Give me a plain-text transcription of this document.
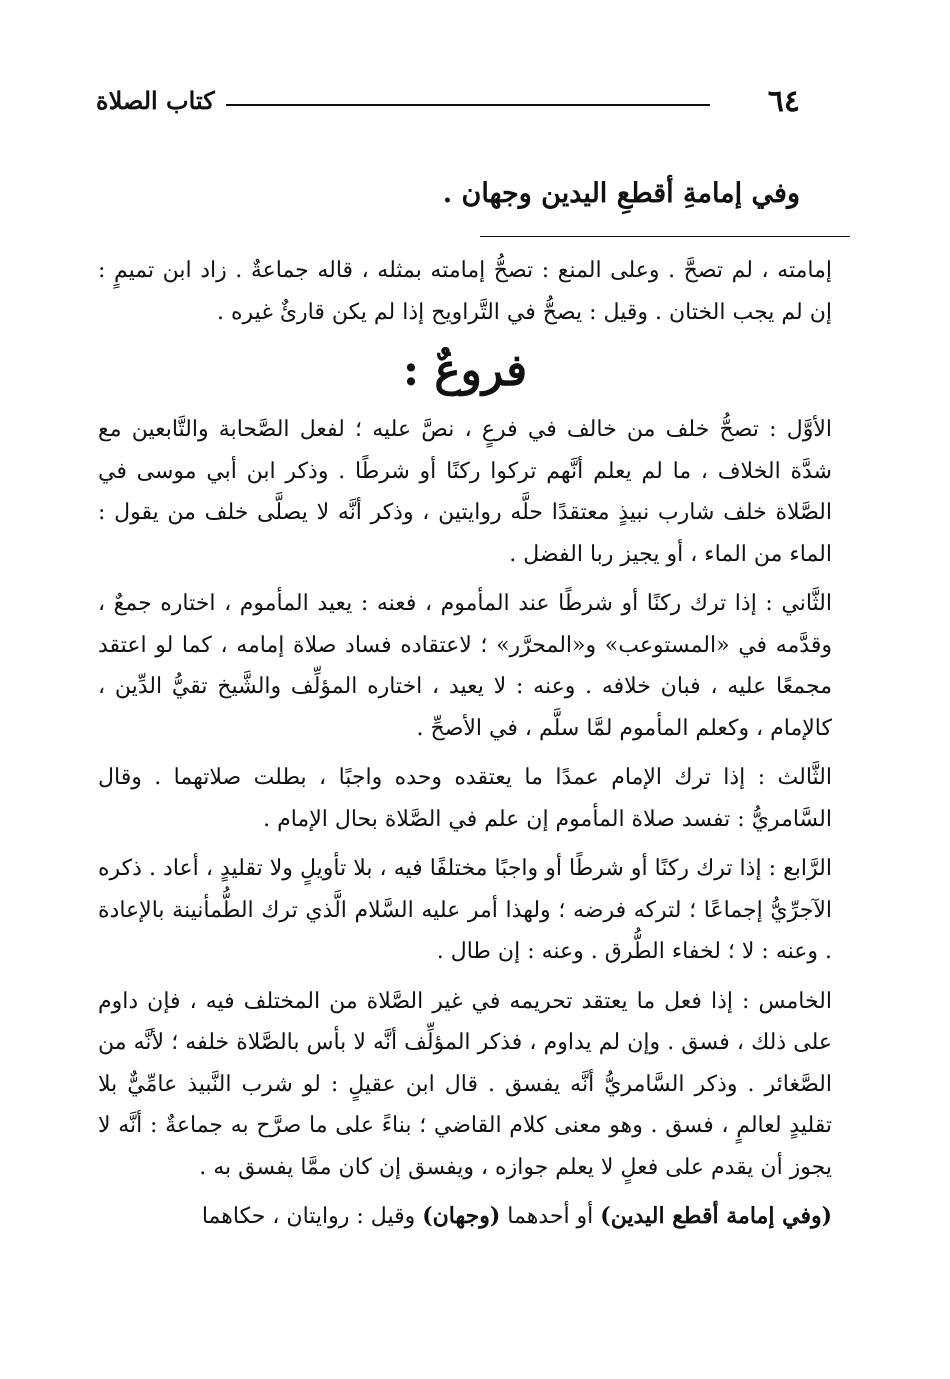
٦٤
كتاب الصلاة
وفي إمامةِ أقطعِ اليدين وجهان .

إمامته ، لم تصحَّ . وعلى المنع : تصحُّ إمامته بمثله ، قاله جماعةٌ . زاد ابن تميمٍ : إن لم يجب الختان . وقيل : يصحُّ في التَّراويح إذا لم يكن قارئٌ غيره .

فروعٌ :

الأوَّل : تصحُّ خلف من خالف في فرعٍ ، نصَّ عليه ؛ لفعل الصَّحابة والتَّابعين مع شدَّة الخلاف ، ما لم يعلم أنَّهم تركوا ركنًا أو شرطًا . وذكر ابن أبي موسى في الصَّلاة خلف شارب نبيذٍ معتقدًا حلَّه روايتين ، وذكر أنَّه لا يصلَّى خلف من يقول : الماء من الماء ، أو يجيز ربا الفضل .

الثَّاني : إذا ترك ركنًا أو شرطًا عند المأموم ، فعنه : يعيد المأموم ، اختاره جمعٌ ، وقدَّمه في «المستوعب» و«المحرَّر» ؛ لاعتقاده فساد صلاة إمامه ، كما لو اعتقد مجمعًا عليه ، فبان خلافه . وعنه : لا يعيد ، اختاره المؤلِّف والشَّيخ تقيُّ الدِّين ، كالإمام ، وكعلم المأموم لمَّا سلَّم ، في الأصحِّ .

الثَّالث : إذا ترك الإمام عمدًا ما يعتقده وحده واجبًا ، بطلت صلاتهما . وقال السَّامريُّ : تفسد صلاة المأموم إن علم في الصَّلاة بحال الإمام .

الرَّابع : إذا ترك ركنًا أو شرطًا أو واجبًا مختلفًا فيه ، بلا تأويلٍ ولا تقليدٍ ، أعاد . ذكره الآجرِّيُّ إجماعًا ؛ لتركه فرضه ؛ ولهذا أمر عليه السَّلام الَّذي ترك الطُّمأنينة بالإعادة . وعنه : لا ؛ لخفاء الطُّرق . وعنه : إن طال .

الخامس : إذا فعل ما يعتقد تحريمه في غير الصَّلاة من المختلف فيه ، فإن داوم على ذلك ، فسق . وإن لم يداوم ، فذكر المؤلِّف أنَّه لا بأس بالصَّلاة خلفه ؛ لأنَّه من الصَّغائر . وذكر السَّامريُّ أنَّه يفسق . قال ابن عقيلٍ : لو شرب النَّبيذ عامِّيٌّ بلا تقليدٍ لعالمٍ ، فسق . وهو معنى كلام القاضي ؛ بناءً على ما صرَّح به جماعةٌ : أنَّه لا يجوز أن يقدم على فعلٍ لا يعلم جوازه ، ويفسق إن كان ممَّا يفسق به .

(وفي إمامة أقطع اليدين) أو أحدهما (وجهان) وقيل : روايتان ، حكاهما
